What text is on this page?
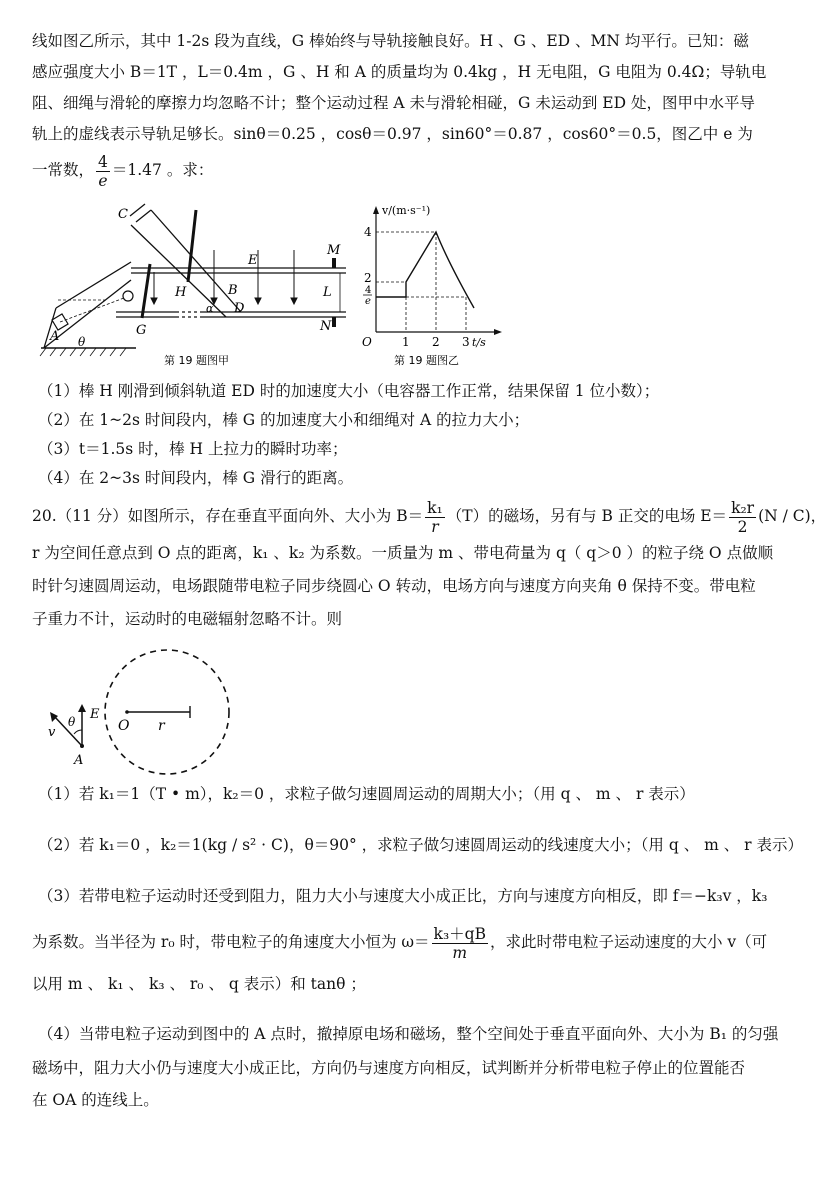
线如图乙所示，其中 1-2s 段为直线，G 棒始终与导轨接触良好。H 、G 、ED 、MN 均平行。已知：磁
感应强度大小 B＝1T ，L＝0.4m ，G 、H 和 A 的质量均为 0.4kg ，H 无电阻，G 电阻为 0.4Ω；导轨电
阻、细绳与滑轮的摩擦力均忽略不计；整个运动过程 A 未与滑轮相碰，G 未运动到 ED 处，图甲中水平导
轨上的虚线表示导轨足够长。sinθ＝0.25 ，cosθ＝0.97 ，sin60°＝0.87 ，cos60°＝0.5，图乙中 e 为
一常数， $\frac{4}{e} =1.47$ 。求：
C
E
M
H	B	L
D
α
G	N
A θ
第 19 题图甲
v/(m·s⁻¹)
t/s
O
4
2
4
e
1 2 3
第 19 题图乙
（1）棒 H 刚滑到倾斜轨道 ED 时的加速度大小（电容器工作正常，结果保留 1 位小数）；
（2）在 1~2s 时间段内，棒 G 的加速度大小和细绳对 A 的拉力大小；
（3）t＝1.5s 时，棒 H 上拉力的瞬时功率；
（4）在 2~3s 时间段内，棒 G 滑行的距离。
20.（11 分）如图所示，存在垂直平面向外、大小为 $B= \frac{\text{k₁}}{r} (T)$的磁场，另有与 B 正交的电场 $E= \frac{\text{k₂r}}{2} (N / C)$，
r 为空间任意点到 O 点的距离，k₁ 、k₂ 为系数。一质量为 m 、带电荷量为 q（ q＞0 ）的粒子绕 O 点做顺
时针匀速圆周运动，电场跟随带电粒子同步绕圆心 O 转动，电场方向与速度方向夹角 θ 保持不变。带电粒
子重力不计，运动时的电磁辐射忽略不计。则
O r
E
θ
v
A
（1）若 k₁＝1（T • m），k₂＝0 ，求粒子做匀速圆周运动的周期大小；（用 q 、 m 、 r 表示）
（2）若 k₁＝0 ，k₂＝1(kg / s² · C)，θ＝90° ，求粒子做匀速圆周运动的线速度大小；（用 q 、 m 、 r 表示）
（3）若带电粒子运动时还受到阻力，阻力大小与速度大小成正比，方向与速度方向相反，即 f＝−k₃v ，k₃
为系数。当半径为 r₀ 时，带电粒子的角速度大小恒为 $\omega= \frac{\text{k₃＋qB}}{m}$ ，求此时带电粒子运动速度的大小 v（可
以用 m 、 k₁ 、 k₃ 、 r₀ 、 q 表示）和 tanθ ；
（4）当带电粒子运动到图中的 A 点时，撤掉原电场和磁场，整个空间处于垂直平面向外、大小为 B₁ 的匀强
磁场中，阻力大小仍与速度大小成正比，方向仍与速度方向相反，试判断并分析带电粒子停止的位置能否
在 OA 的连线上。
